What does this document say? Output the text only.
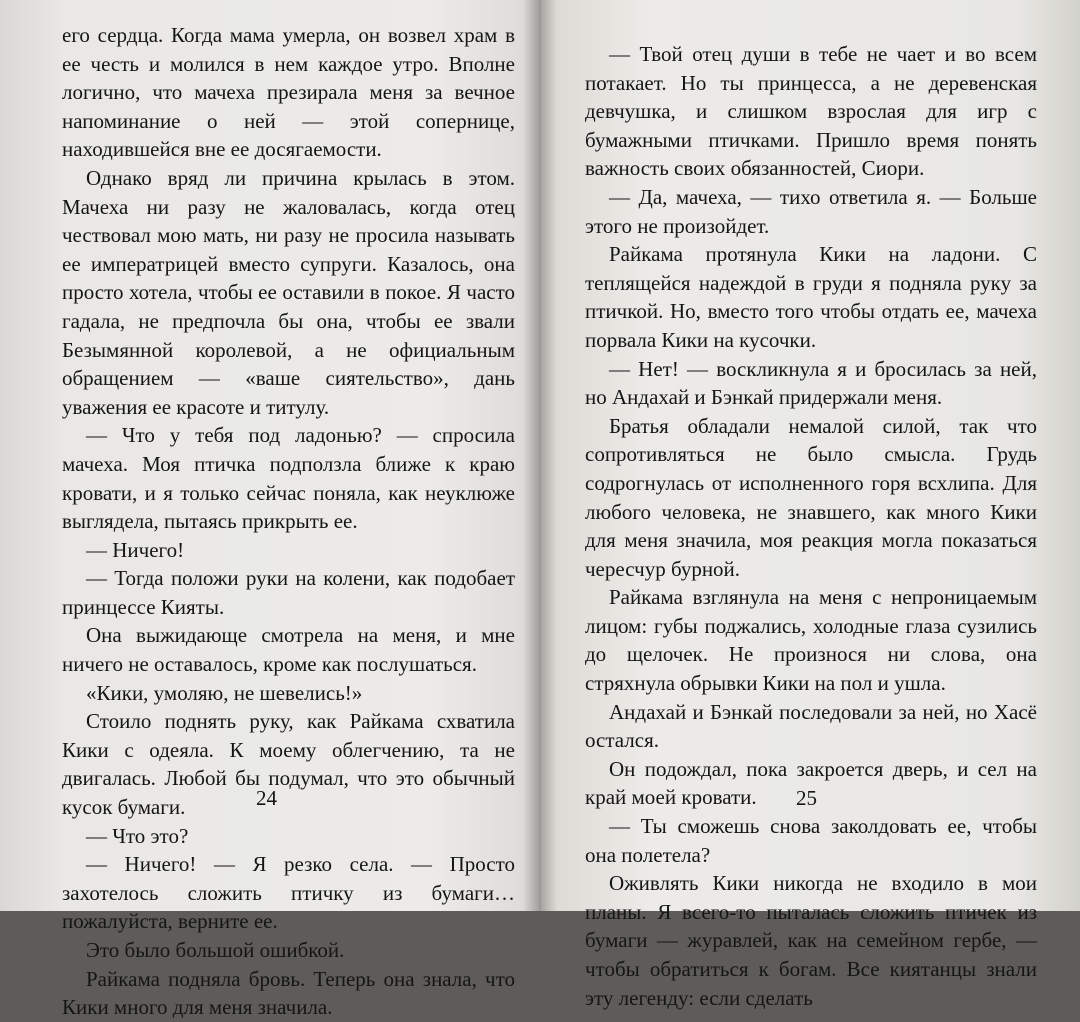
его сердца. Когда мама умерла, он возвел храм в ее честь и молился в нем каждое утро. Вполне логично, что мачеха презирала меня за вечное напоминание о ней — этой сопернице, находившейся вне ее досягаемости.

Однако вряд ли причина крылась в этом. Мачеха ни разу не жаловалась, когда отец чествовал мою мать, ни разу не просила называть ее императрицей вместо супруги. Казалось, она просто хотела, чтобы ее оставили в покое. Я часто гадала, не предпочла бы она, чтобы ее звали Безымянной королевой, а не официальным обращением — «ваше сиятельство», дань уважения ее красоте и титулу.

— Что у тебя под ладонью? — спросила мачеха. Моя птичка подползла ближе к краю кровати, и я только сейчас поняла, как неуклюже выглядела, пытаясь прикрыть ее.

— Ничего!

— Тогда положи руки на колени, как подобает принцессе Кияты.

Она выжидающе смотрела на меня, и мне ничего не оставалось, кроме как послушаться.

«Кики, умоляю, не шевелись!»

Стоило поднять руку, как Райкама схватила Кики с одеяла. К моему облегчению, та не двигалась. Любой бы подумал, что это обычный кусок бумаги.

— Что это?

— Ничего! — Я резко села. — Просто захотелось сложить птичку из бумаги… пожалуйста, верните ее.

Это было большой ошибкой.

Райкама подняла бровь. Теперь она знала, что Кики много для меня значила.

24

— Твой отец души в тебе не чает и во всем потакает. Но ты принцесса, а не деревенская девчушка, и слишком взрослая для игр с бумажными птичками. Пришло время понять важность своих обязанностей, Сиори.

— Да, мачеха, — тихо ответила я. — Больше этого не произойдет.

Райкама протянула Кики на ладони. С теплящейся надеждой в груди я подняла руку за птичкой. Но, вместо того чтобы отдать ее, мачеха порвала Кики на кусочки.

— Нет! — воскликнула я и бросилась за ней, но Андахай и Бэнкай придержали меня.

Братья обладали немалой силой, так что сопротивляться не было смысла. Грудь содрогнулась от исполненного горя всхлипа. Для любого человека, не знавшего, как много Кики для меня значила, моя реакция могла показаться чересчур бурной.

Райкама взглянула на меня с непроницаемым лицом: губы поджались, холодные глаза сузились до щелочек. Не произнося ни слова, она стряхнула обрывки Кики на пол и ушла.

Андахай и Бэнкай последовали за ней, но Хасё остался.

Он подождал, пока закроется дверь, и сел на край моей кровати.

— Ты сможешь снова заколдовать ее, чтобы она полетела?

Оживлять Кики никогда не входило в мои планы. Я всего-то пыталась сложить птичек из бумаги — журавлей, как на семейном гербе, — чтобы обратиться к богам. Все киятанцы знали эту легенду: если сделать

25
